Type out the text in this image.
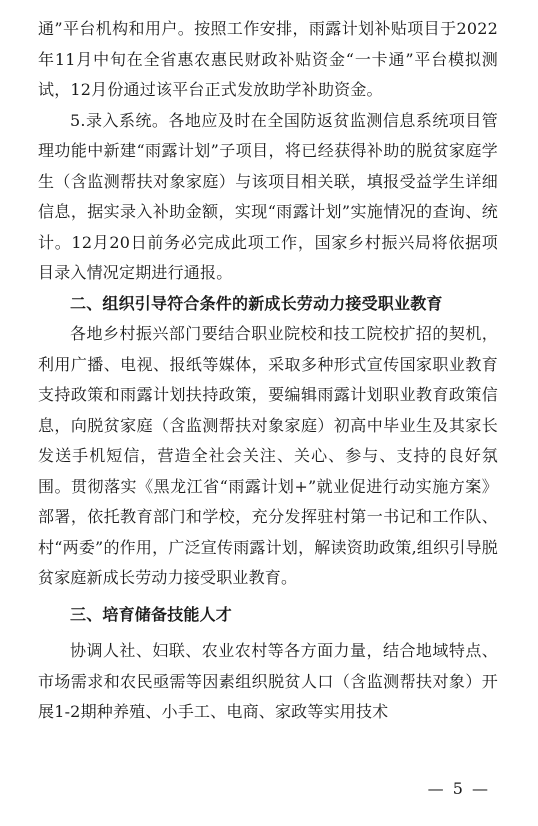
通”平台机构和用户。按照工作安排，雨露计划补贴项目于2022年11月中旬在全省惠农惠民财政补贴资金“一卡通”平台模拟测试，12月份通过该平台正式发放助学补助资金。

5.录入系统。各地应及时在全国防返贫监测信息系统项目管理功能中新建“雨露计划”子项目，将已经获得补助的脱贫家庭学生（含监测帮扶对象家庭）与该项目相关联，填报受益学生详细信息，据实录入补助金额，实现“雨露计划”实施情况的查询、统计。12月20日前务必完成此项工作，国家乡村振兴局将依据项目录入情况定期进行通报。

二、组织引导符合条件的新成长劳动力接受职业教育

各地乡村振兴部门要结合职业院校和技工院校扩招的契机，利用广播、电视、报纸等媒体，采取多种形式宣传国家职业教育支持政策和雨露计划扶持政策，要编辑雨露计划职业教育政策信息，向脱贫家庭（含监测帮扶对象家庭）初高中毕业生及其家长发送手机短信，营造全社会关注、关心、参与、支持的良好氛围。贯彻落实《黑龙江省“雨露计划+”就业促进行动实施方案》部署，依托教育部门和学校，充分发挥驻村第一书记和工作队、村“两委”的作用，广泛宣传雨露计划，解读资助政策,组织引导脱贫家庭新成长劳动力接受职业教育。

三、培育储备技能人才

协调人社、妇联、农业农村等各方面力量，结合地域特点、市场需求和农民亟需等因素组织脱贫人口（含监测帮扶对象）开展1-2期种养殖、小手工、电商、家政等实用技术

— 5 —
